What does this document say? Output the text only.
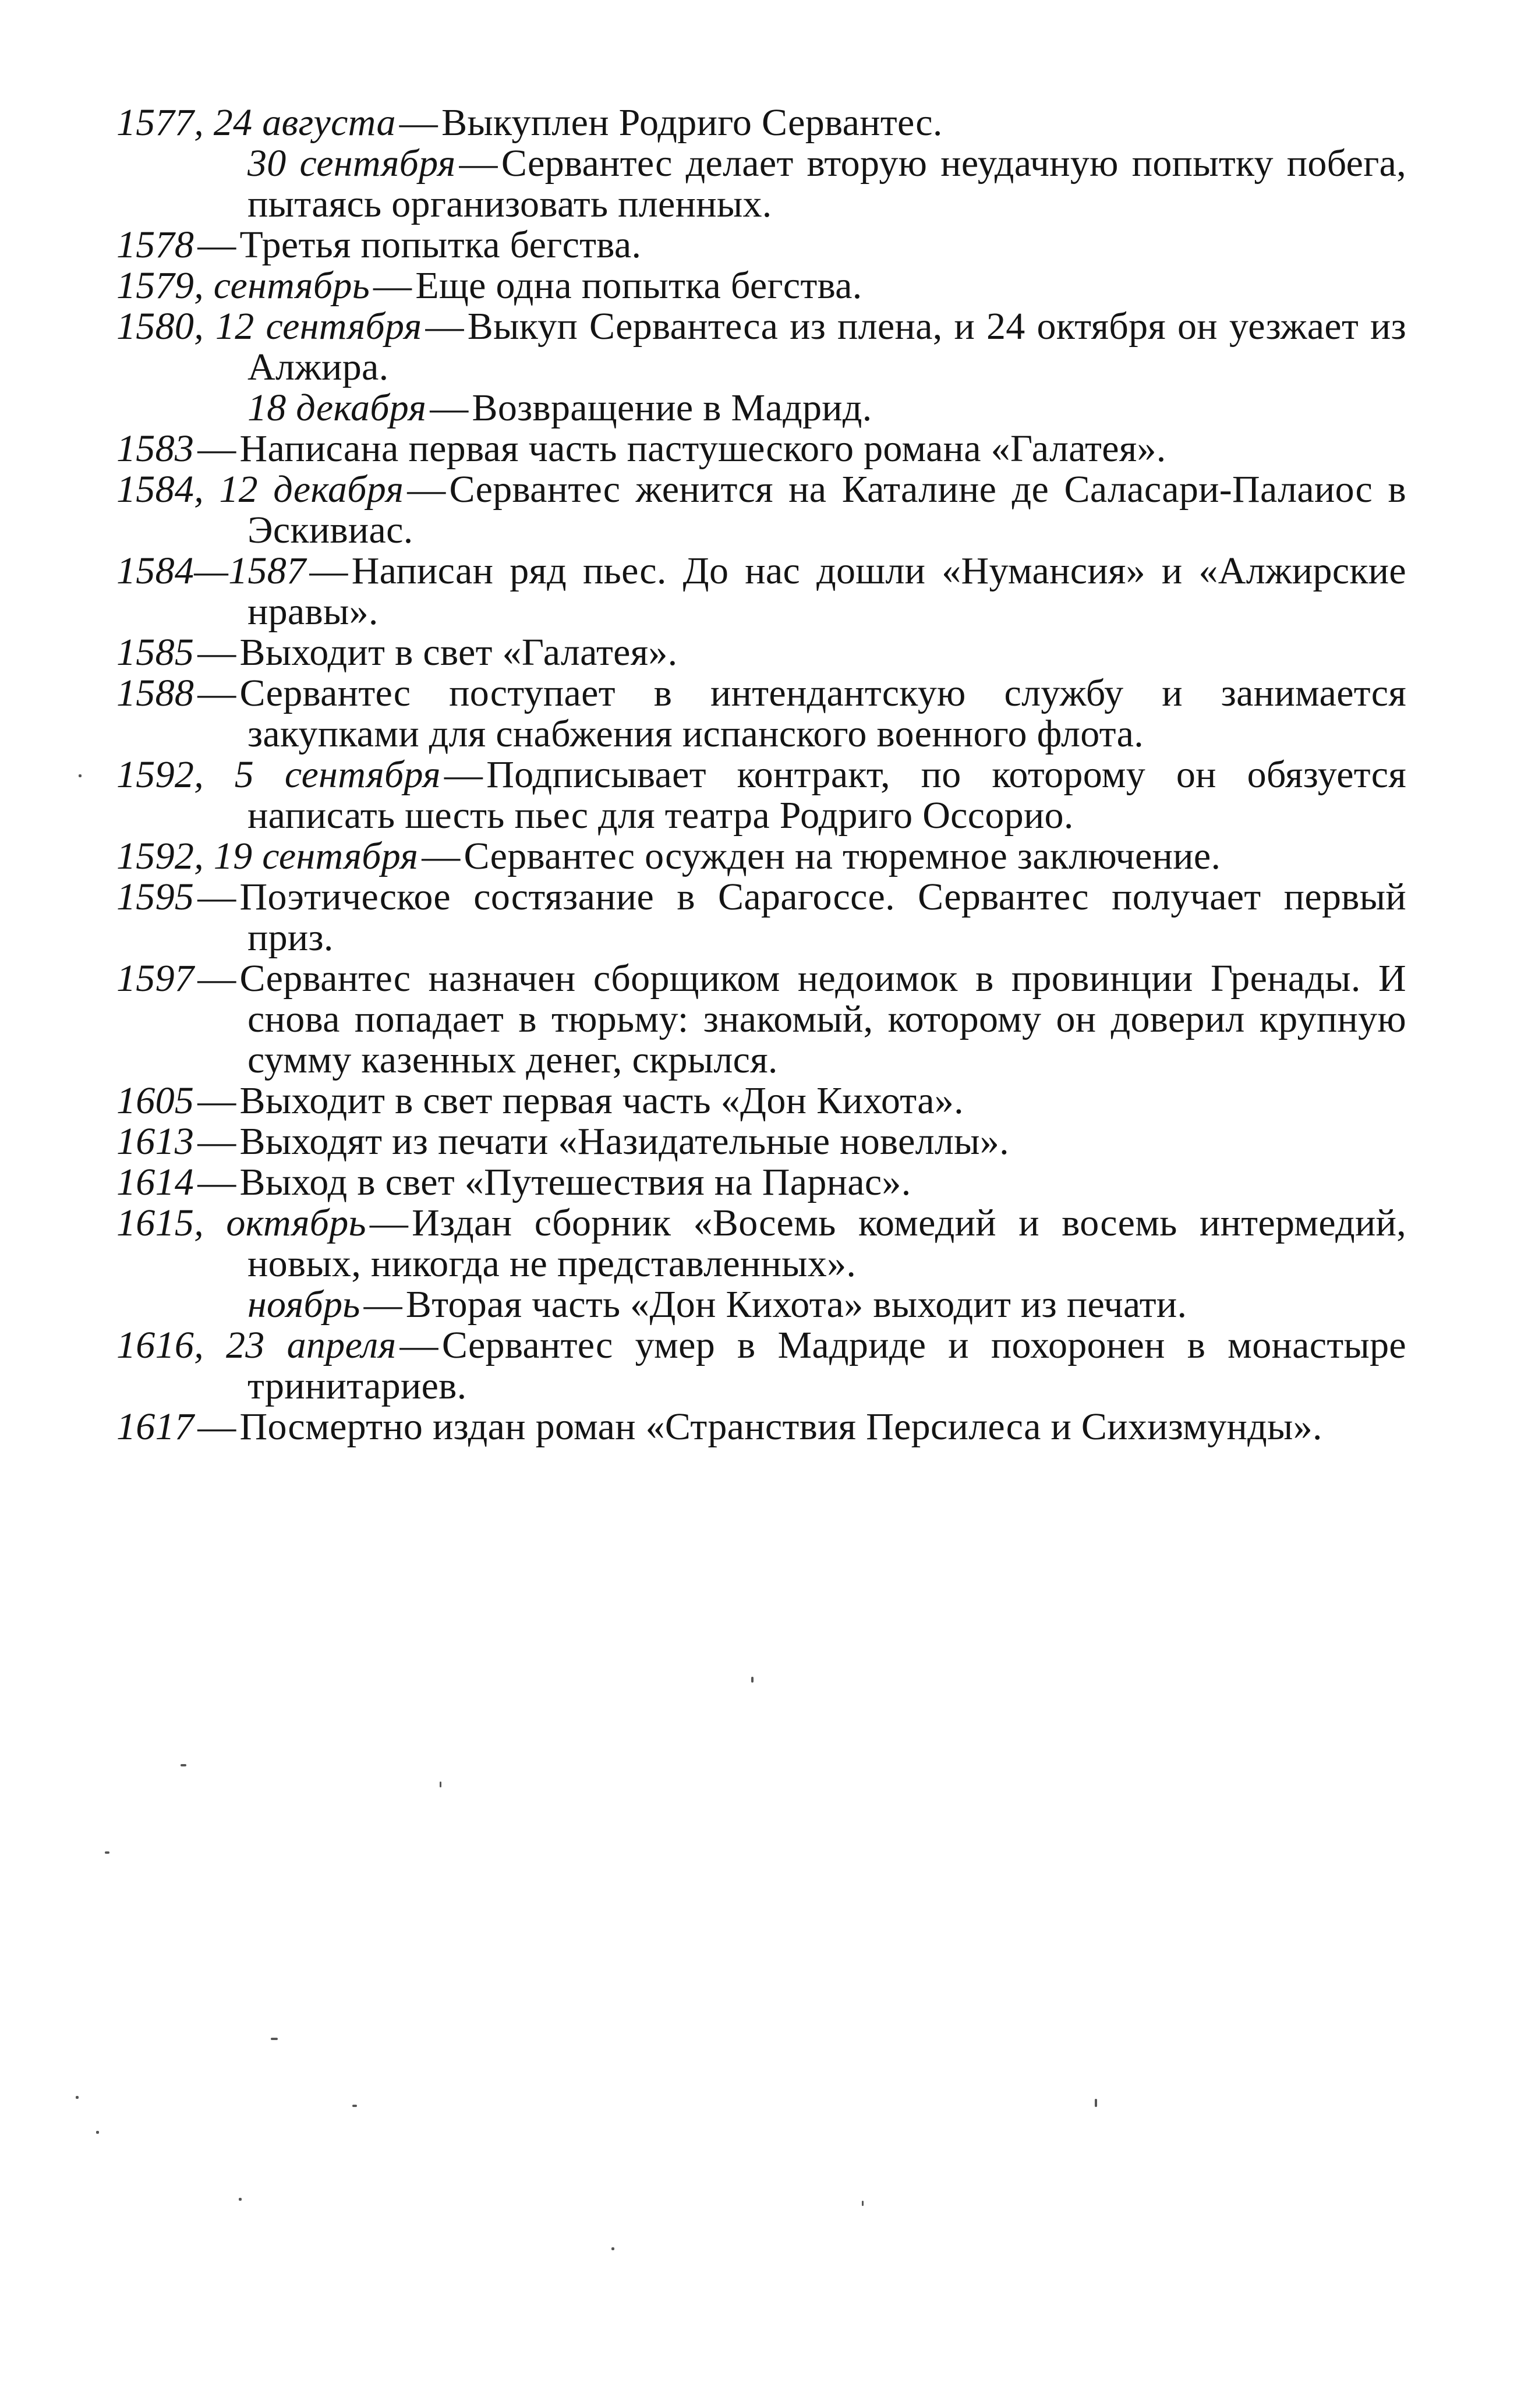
1577, 24 августа—Выкуплен Родриго Сервантес.

30 сентября—Сервантес делает вторую неудачную попытку побега, пытаясь организовать пленных.

1578—Третья попытка бегства.

1579, сентябрь—Еще одна попытка бегства.

1580, 12 сентября—Выкуп Сервантеса из плена, и 24 октября он уезжает из Алжира.

18 декабря—Возвращение в Мадрид.

1583—Написана первая часть пастушеского романа «Галатея».

1584, 12 декабря—Сервантес женится на Каталине де Саласари-Палаиос в Эскивиас.

1584—1587—Написан ряд пьес. До нас дошли «Нумансия» и «Алжирские нравы».

1585—Выходит в свет «Галатея».

1588—Сервантес поступает в интендантскую службу и занимается закупками для снабжения испанского военного флота.

1592, 5 сентября—Подписывает контракт, по которому он обязуется написать шесть пьес для театра Родриго Оссорио.

1592, 19 сентября—Сервантес осужден на тюремное заключение.

1595—Поэтическое состязание в Сарагоссе. Сервантес получает первый приз.

1597—Сервантес назначен сборщиком недоимок в провинции Гренады. И снова попадает в тюрьму: знакомый, которому он доверил крупную сумму казенных денег, скрылся.

1605—Выходит в свет первая часть «Дон Кихота».

1613—Выходят из печати «Назидательные новеллы».

1614—Выход в свет «Путешествия на Парнас».

1615, октябрь—Издан сборник «Восемь комедий и восемь интермедий, новых, никогда не представленных».

ноябрь—Вторая часть «Дон Кихота» выходит из печати.

1616, 23 апреля—Сервантес умер в Мадриде и похоронен в монастыре тринитариев.

1617—Посмертно издан роман «Странствия Персилеса и Сихизмунды».
